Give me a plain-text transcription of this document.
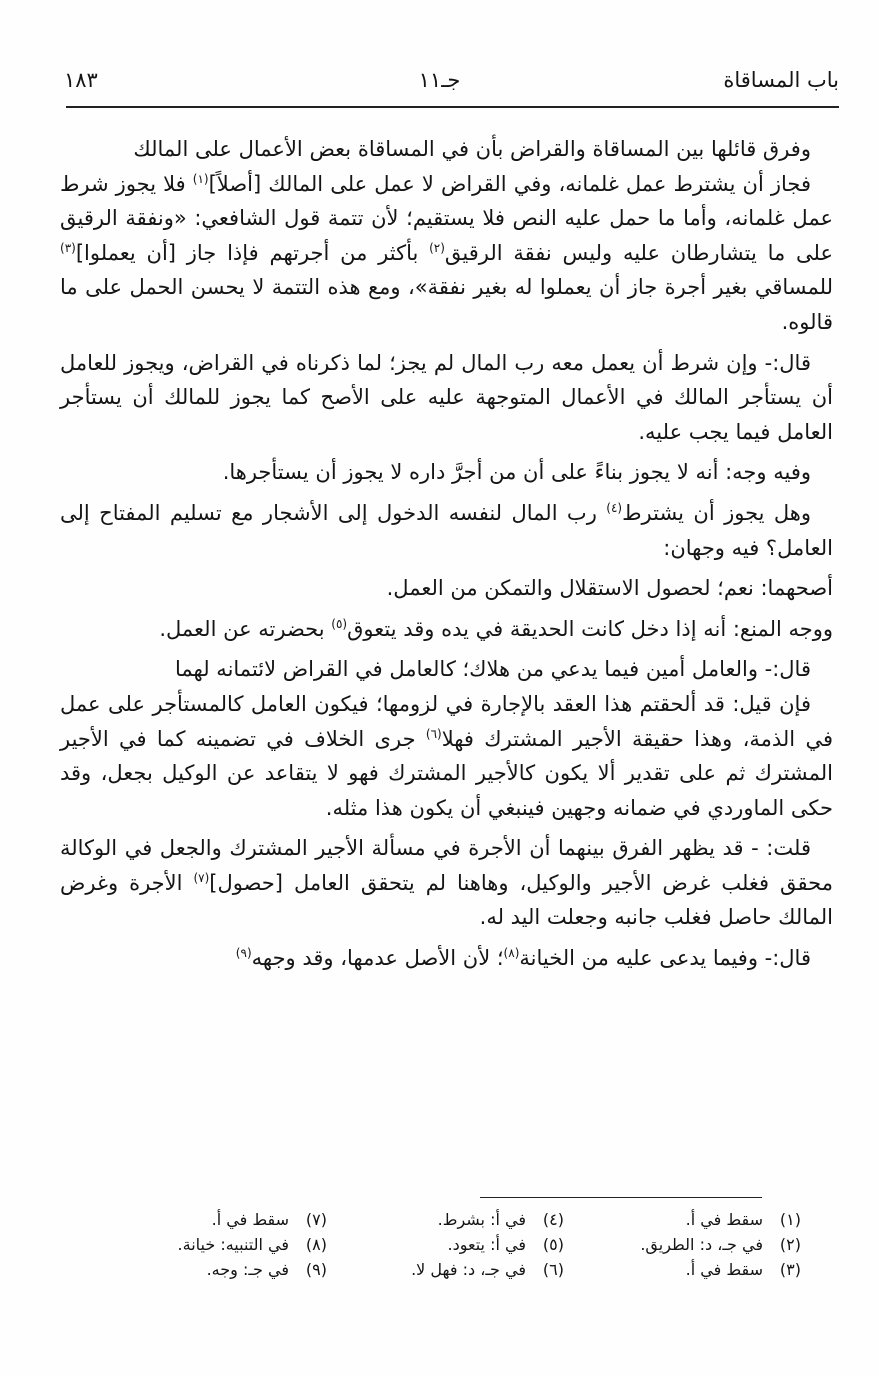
باب المساقاة
جـ١١
١٨٣

وفرق قائلها بين المساقاة والقراض بأن في المساقاة بعض الأعمال على المالك

فجاز أن يشترط عمل غلمانه، وفي القراض لا عمل على المالك [أصلاً]$^{(١)}$ فلا يجوز شرط عمل غلمانه، وأما ما حمل عليه النص فلا يستقيم؛ لأن تتمة قول الشافعي: «ونفقة الرقيق على ما يتشارطان عليه وليس نفقة الرقيق$^{(٢)}$ بأكثر من أجرتهم فإذا جاز [أن يعملوا]$^{(٣)}$ للمساقي بغير أجرة جاز أن يعملوا له بغير نفقة»، ومع هذه التتمة لا يحسن الحمل على ما قالوه.

قال:- وإن شرط أن يعمل معه رب المال لم يجز؛ لما ذكرناه في القراض، ويجوز للعامل أن يستأجر المالك في الأعمال المتوجهة عليه على الأصح كما يجوز للمالك أن يستأجر العامل فيما يجب عليه.

وفيه وجه: أنه لا يجوز بناءً على أن من أجرَّ داره لا يجوز أن يستأجرها.

وهل يجوز أن يشترط$^{(٤)}$ رب المال لنفسه الدخول إلى الأشجار مع تسليم المفتاح إلى العامل؟ فيه وجهان:

أصحهما: نعم؛ لحصول الاستقلال والتمكن من العمل.

ووجه المنع: أنه إذا دخل كانت الحديقة في يده وقد يتعوق$^{(٥)}$ بحضرته عن العمل.

قال:- والعامل أمين فيما يدعي من هلاك؛ كالعامل في القراض لائتمانه لهما

فإن قيل: قد ألحقتم هذا العقد بالإجارة في لزومها؛ فيكون العامل كالمستأجر على عمل في الذمة، وهذا حقيقة الأجير المشترك فهلا$^{(٦)}$ جرى الخلاف في تضمينه كما في الأجير المشترك ثم على تقدير ألا يكون كالأجير المشترك فهو لا يتقاعد عن الوكيل بجعل، وقد حكى الماوردي في ضمانه وجهين فينبغي أن يكون هذا مثله.

قلت: - قد يظهر الفرق بينهما أن الأجرة في مسألة الأجير المشترك والجعل في الوكالة محقق فغلب غرض الأجير والوكيل، وهاهنا لم يتحقق العامل [حصول]$^{(٧)}$ الأجرة وغرض المالك حاصل فغلب جانبه وجعلت اليد له.

قال:- وفيما يدعى عليه من الخيانة$^{(٨)}$؛ لأن الأصل عدمها، وقد وجهه$^{(٩)}$

(١)سقط في أ.
(٤)في أ: بشرط.
(٧)سقط في أ.
(٢)في جـ، د: الطريق.
(٥)في أ: يتعود.
(٨)في التنبيه: خيانة.
(٣)سقط في أ.
(٦)في جـ، د: فهل لا.
(٩)في جـ: وجه.
